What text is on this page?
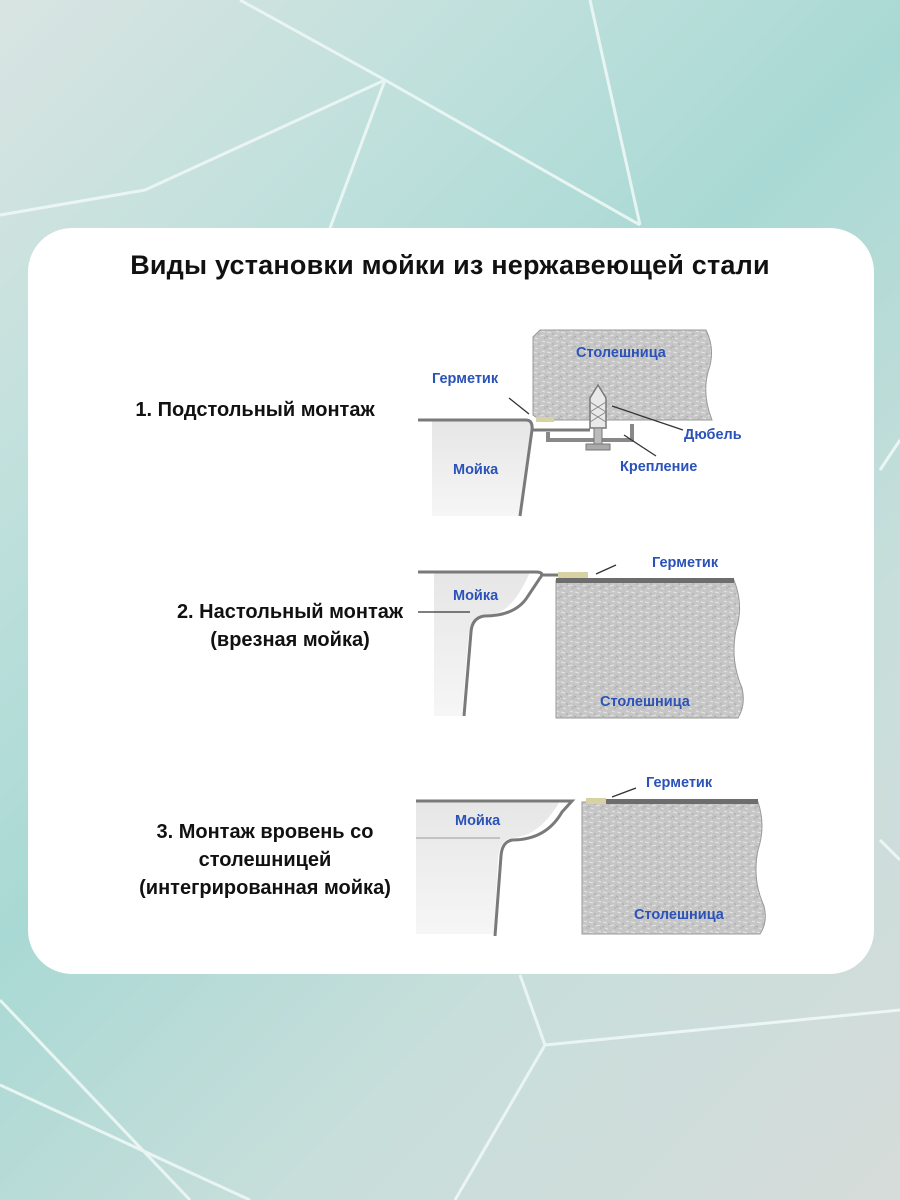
Виды установки мойки из нержавеющей стали
1. Подстольный монтаж
2. Настольный монтаж
(врезная мойка)
3. Монтаж вровень со
столешницей
(интегрированная мойка)
Столешница
Герметик
Мойка
Дюбель
Крепление
Герметик
Мойка
Столешница
Герметик
Мойка
Столешница
